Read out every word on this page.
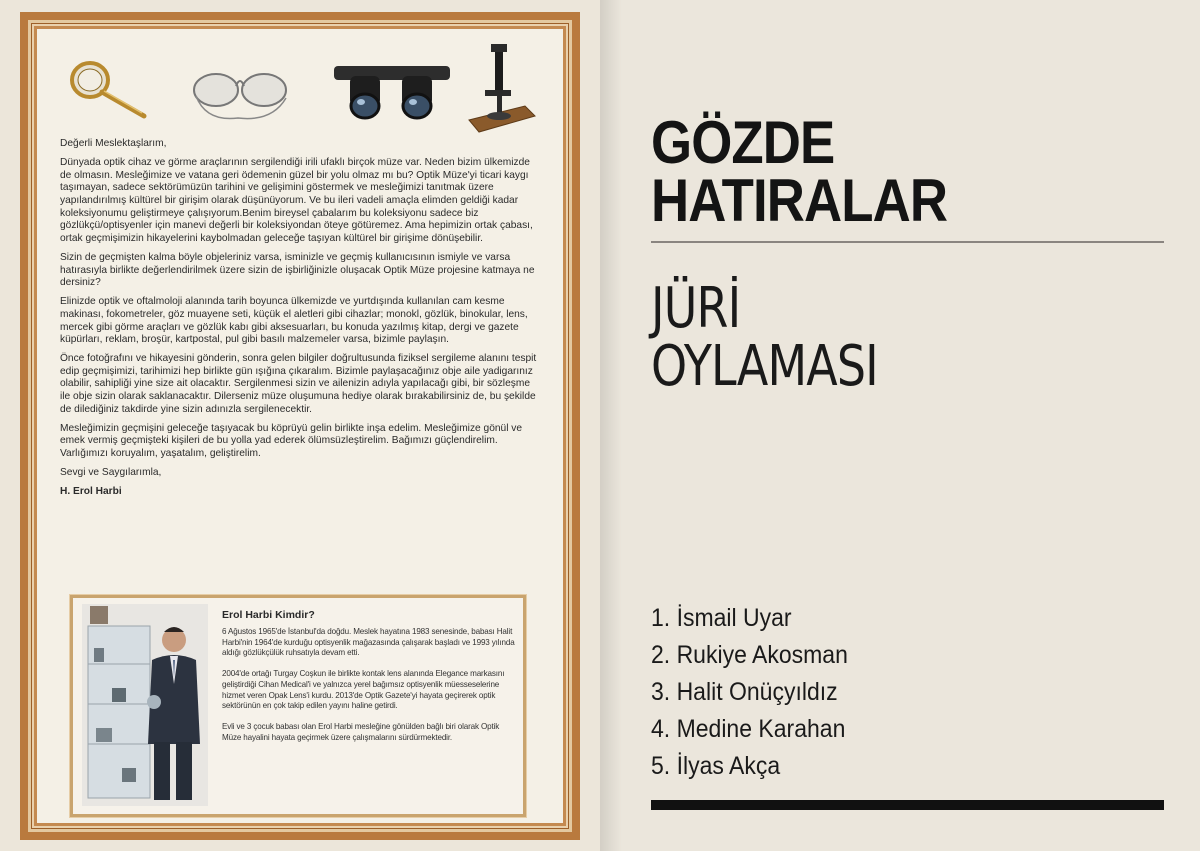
Değerli Meslektaşlarım,

Dünyada optik cihaz ve görme araçlarının sergilendiği irili ufaklı birçok müze var. Neden bizim ülkemizde de olmasın. Mesleğimize ve vatana geri ödemenin güzel bir yolu olmaz mı bu? Optik Müze'yi ticari kaygı taşımayan, sadece sektörümüzün tarihini ve gelişimini göstermek ve mesleğimizi tanıtmak üzere yapılandırılmış kültürel bir girişim olarak düşünüyorum. Ve bu ileri vadeli amaçla elimden geldiği kadar koleksiyonumu geliştirmeye çalışıyorum.Benim bireysel çabalarım bu koleksiyonu sadece biz gözlükçü/optisyenler için manevi değerli bir koleksiyondan öteye götüremez. Ama hepimizin ortak çabası, ortak geçmişimizin hikayelerini kaybolmadan geleceğe taşıyan kültürel bir girişime dönüşebilir.

Sizin de geçmişten kalma böyle objeleriniz varsa, isminizle ve geçmiş kullanıcısının ismiyle ve varsa hatırasıyla birlikte değerlendirilmek üzere sizin de işbirliğinizle oluşacak Optik Müze projesine katmaya ne dersiniz?

Elinizde optik ve oftalmoloji alanında tarih boyunca ülkemizde ve yurtdışında kullanılan cam kesme makinası, fokometreler, göz muayene seti, küçük el aletleri gibi cihazlar; monokl, gözlük, binokular, lens, mercek gibi görme araçları ve gözlük kabı gibi aksesuarları, bu konuda yazılmış kitap, dergi ve gazete küpürları, reklam, broşür, kartpostal, pul gibi basılı malzemeler varsa, bizimle paylaşın.

Önce fotoğrafını ve hikayesini gönderin, sonra gelen bilgiler doğrultusunda fiziksel sergileme alanını tespit edip geçmişimizi, tarihimizi hep birlikte gün ışığına çıkaralım. Bizimle paylaşacağınız obje aile yadigarınız olabilir, sahipliği yine size ait olacaktır. Sergilenmesi sizin ve ailenizin adıyla yapılacağı gibi, bir sözleşme ile obje sizin olarak saklanacaktır. Dilerseniz müze oluşumuna hediye olarak bırakabilirsiniz de, bu şekilde de dilediğiniz takdirde yine sizin adınızla sergilenecektir.

Mesleğimizin geçmişini geleceğe taşıyacak bu köprüyü gelin birlikte inşa edelim. Mesleğimize gönül ve emek vermiş geçmişteki kişileri de bu yolla yad ederek ölümsüzleştirelim. Bağımızı güçlendirelim. Varlığımızı koruyalım, yaşatalım, geliştirelim.

Sevgi ve Saygılarımla,

H. Erol Harbi

Erol Harbi Kimdir?

6 Ağustos 1965'de İstanbul'da doğdu. Meslek hayatına 1983 senesinde, babası Halit Harbi'nin 1964'de kurduğu optisyenlik mağazasında çalışarak başladı ve 1993 yılında aldığı gözlükçülük ruhsatıyla devam etti.

2004'de ortağı Turgay Coşkun ile birlikte kontak lens alanında Elegance markasını geliştirdiği Cihan Medical'i ve yalnızca yerel bağımsız optisyenlik müesseselerine hizmet veren Opak Lens'i kurdu. 2013'de Optik Gazete'yi hayata geçirerek optik sektörünün en çok takip edilen yayını haline getirdi.

Evli ve 3 çocuk babası olan Erol Harbi mesleğine gönülden bağlı biri olarak Optik Müze hayalini hayata geçirmek üzere çalışmalarını sürdürmektedir.

GÖZDE
HATIRALAR
JÜRİ
OYLAMASI
1. İsmail Uyar
2. Rukiye Akosman
3. Halit Onüçyıldız
4. Medine Karahan
5. İlyas Akça
